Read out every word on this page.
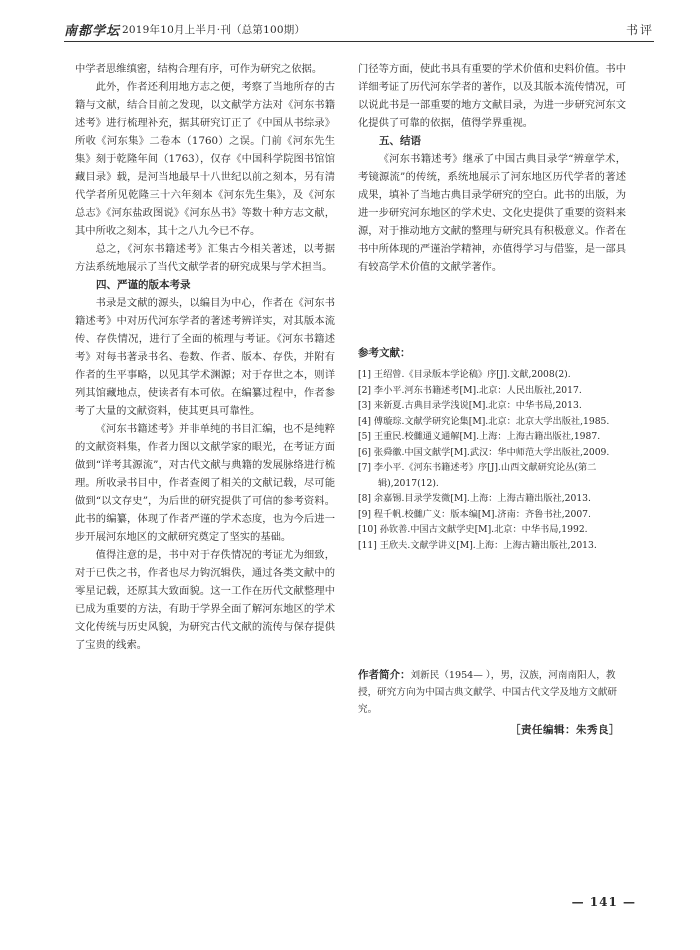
南都学坛 2019年10月上半月·刊（总第100期）	书评

中学者思维缜密，结构合理有序，可作为研究之依据。

此外，作者还利用地方志之便，考察了当地所存的古籍与文献，结合目前之发现，以文献学方法对《河东书籍述考》进行梳理补充，据其研究订正了《中国从书综录》所收《河东集》二卷本（1760）之误。门前《河东先生集》刻于乾隆年间（1763），仅存《中国科学院图书馆馆藏目录》载，是河当地最早十八世纪以前之刻本，另有清代学者所见乾隆三十六年刻本《河东先生集》，及《河东总志》《河东盐政图说》《河东丛书》等数十种方志文献，其中所收之刻本，其十之八九今已不存。

总之，《河东书籍述考》汇集古今相关著述，以考据方法系统地展示了当代文献学者的研究成果与学术担当。

四、严谨的版本考录

书录是文献的源头，以编目为中心，作者在《河东书籍述考》中对历代河东学者的著述考辨详实，对其版本流传、存佚情况，进行了全面的梳理与考证。《河东书籍述考》对每书著录书名、卷数、作者、版本、存佚，并附有作者的生平事略，以见其学术渊源；对于存世之本，则详列其馆藏地点，使读者有本可依。在编纂过程中，作者参考了大量的文献资料，使其更具可靠性。

《河东书籍述考》并非单纯的书目汇编，也不是纯粹的文献资料集，作者力图以文献学家的眼光，在考证方面做到“详考其源流”，对古代文献与典籍的发展脉络进行梳理。所收录书目中，作者查阅了相关的文献记载，尽可能做到“以文存史”，为后世的研究提供了可信的参考资料。此书的编纂，体现了作者严谨的学术态度，也为今后进一步开展河东地区的文献研究奠定了坚实的基础。

值得注意的是，书中对于存佚情况的考证尤为细致，对于已佚之书，作者也尽力钩沉辑佚，通过各类文献中的零星记载，还原其大致面貌。这一工作在历代文献整理中已成为重要的方法，有助于学界全面了解河东地区的学术文化传统与历史风貌，为研究古代文献的流传与保存提供了宝贵的线索。

门径等方面，使此书具有重要的学术价值和史料价值。书中详细考证了历代河东学者的著作，以及其版本流传情况，可以说此书是一部重要的地方文献目录，为进一步研究河东文化提供了可靠的依据，值得学界重视。

五、结语

《河东书籍述考》继承了中国古典目录学“辨章学术，考镜源流”的传统，系统地展示了河东地区历代学者的著述成果，填补了当地古典目录学研究的空白。此书的出版，为进一步研究河东地区的学术史、文化史提供了重要的资料来源，对于推动地方文献的整理与研究具有积极意义。作者在书中所体现的严谨治学精神，亦值得学习与借鉴，是一部具有较高学术价值的文献学著作。

参考文献：
[1] 王绍曾.《目录版本学论稿》序[J].文献,2008(2).
[2] 李小平.河东书籍述考[M].北京：人民出版社,2017.
[3] 来新夏.古典目录学浅说[M].北京：中华书局,2013.
[4] 傅璇琮.文献学研究论集[M].北京：北京大学出版社,1985.
[5] 王重民.校雠通义通解[M].上海：上海古籍出版社,1987.
[6] 张舜徽.中国文献学[M].武汉：华中师范大学出版社,2009.
[7] 李小平.《河东书籍述考》序[J].山西文献研究论丛(第二辑),2017(12).
[8] 余嘉锡.目录学发微[M].上海：上海古籍出版社,2013.
[9] 程千帆.校雠广义：版本编[M].济南：齐鲁书社,2007.
[10] 孙钦善.中国古文献学史[M].北京：中华书局,1992.
[11] 王欣夫.文献学讲义[M].上海：上海古籍出版社,2013.
作者简介：刘新民（1954— ），男，汉族，河南南阳人，教授，研究方向为中国古典文献学、中国古代文学及地方文献研究。
［责任编辑：朱秀良］
— 141 —
